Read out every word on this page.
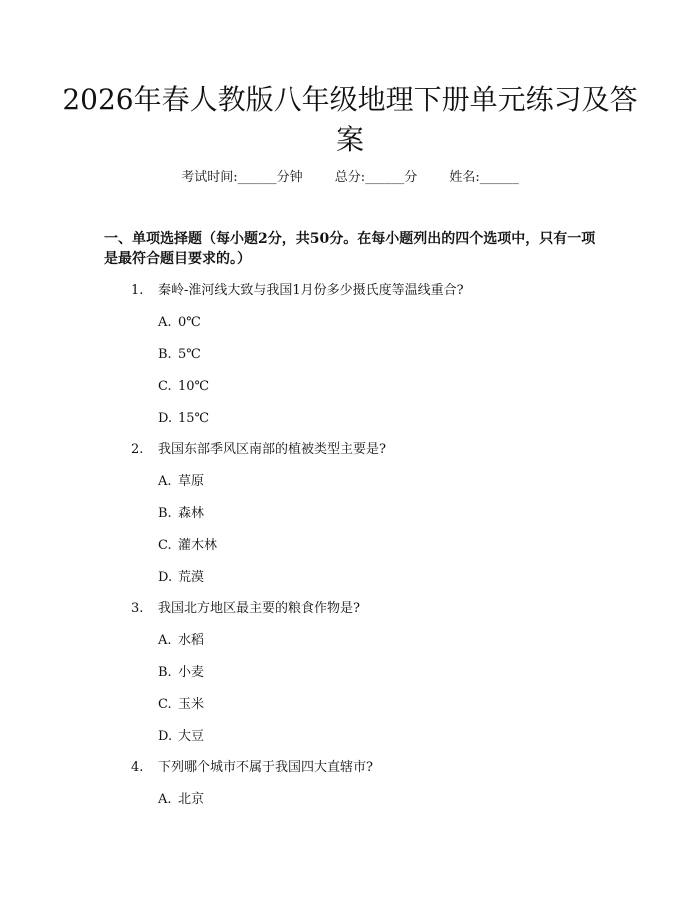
2026年春人教版八年级地理下册单元练习及答案
考试时间:______分钟 总分:______分 姓名:______

一、单项选择题（每小题2分，共50分。在每小题列出的四个选项中，只有一项是最符合题目要求的。）

1. 秦岭-淮河线大致与我国1月份多少摄氏度等温线重合?
A. 0℃
B. 5℃
C. 10℃
D. 15℃
2. 我国东部季风区南部的植被类型主要是?
A. 草原
B. 森林
C. 灌木林
D. 荒漠
3. 我国北方地区最主要的粮食作物是?
A. 水稻
B. 小麦
C. 玉米
D. 大豆
4. 下列哪个城市不属于我国四大直辖市?
A. 北京
